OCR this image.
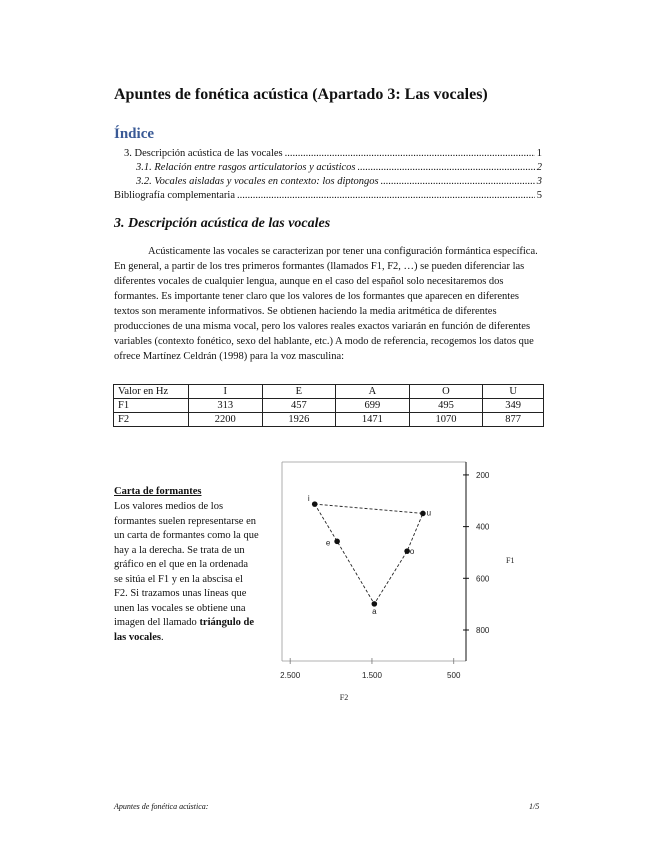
Apuntes de fonética acústica (Apartado 3: Las vocales)
Índice
3. Descripción acústica de las vocales .....	1
3.1. Relación entre rasgos articulatorios y acústicos .....	2
3.2. Vocales aisladas y vocales en contexto: los diptongos .....	3
Bibliografía complementaria .....	5
3. Descripción acústica de las vocales

Acústicamente las vocales se caracterizan por tener una configuración formántica específica. En general, a partir de los tres primeros formantes (llamados F1, F2, …) se pueden diferenciar las diferentes vocales de cualquier lengua, aunque en el caso del español solo necesitaremos dos formantes. Es importante tener claro que los valores de los formantes que aparecen en diferentes textos son meramente informativos. Se obtienen haciendo la media aritmética de diferentes producciones de una misma vocal, pero los valores reales exactos variarán en función de diferentes variables (contexto fonético, sexo del hablante, etc.) A modo de referencia, recogemos los datos que ofrece Martínez Celdrán (1998) para la voz masculina:

Valor en Hz	I	E	A	O	U
F1	313	457	699	495	349
F2	2200	1926	1471	1070	877
Carta de formantes

Los valores medios de los formantes suelen representarse en un carta de formantes como la que hay a la derecha. Se trata de un gráfico en el que en la ordenada se sitúa el F1 y en la abscisa el F2. Si trazamos unas líneas que unen las vocales se obtiene una imagen del llamado triángulo de las vocales.

200
400
600
800
2.500	1.500	500
i
e
a
o
u
F2
F1
Apuntes de fonética acústica:	1/5
